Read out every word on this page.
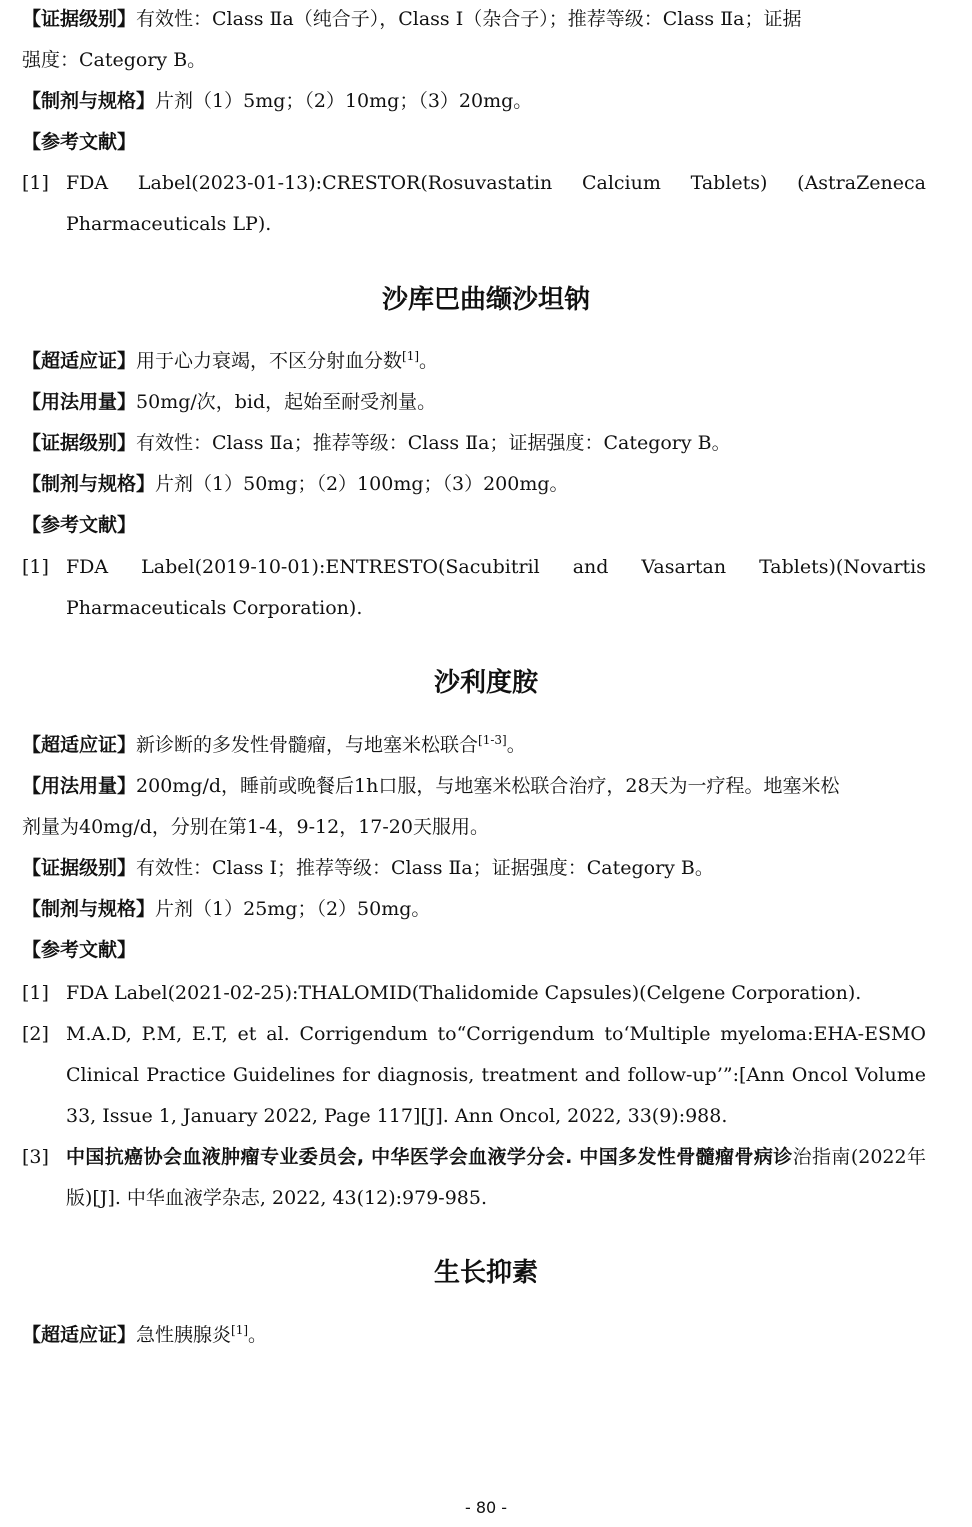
【证据级别】有效性：Class Ⅱa（纯合子），Class Ⅰ（杂合子）；推荐等级：Class Ⅱa；证据
强度：Category B。
【制剂与规格】片剂（1）5mg；（2）10mg；（3）20mg。
【参考文献】
[1] FDA Label(2023-01-13):CRESTOR(Rosuvastatin Calcium Tablets) (AstraZeneca Pharmaceuticals LP).
沙库巴曲缬沙坦钠
【超适应证】用于心力衰竭，不区分射血分数[1]。
【用法用量】50mg/次，bid，起始至耐受剂量。
【证据级别】有效性：Class Ⅱa；推荐等级：Class Ⅱa；证据强度：Category B。
【制剂与规格】片剂（1）50mg；（2）100mg；（3）200mg。
【参考文献】
[1] FDA Label(2019-10-01):ENTRESTO(Sacubitril and Vasartan Tablets)(Novartis Pharmaceuticals Corporation).
沙利度胺
【超适应证】新诊断的多发性骨髓瘤，与地塞米松联合[1-3]。
【用法用量】200mg/d，睡前或晚餐后1h口服，与地塞米松联合治疗，28天为一疗程。地塞米松
剂量为40mg/d，分别在第1-4，9-12，17-20天服用。
【证据级别】有效性：Class Ⅰ；推荐等级：Class Ⅱa；证据强度：Category B。
【制剂与规格】片剂（1）25mg；（2）50mg。
【参考文献】
[1] FDA Label(2021-02-25):THALOMID(Thalidomide Capsules)(Celgene Corporation).
[2] M.A.D, P.M, E.T, et al. Corrigendum to“Corrigendum to‘Multiple myeloma:EHA-ESMO Clinical Practice Guidelines for diagnosis, treatment and follow-up’”:[Ann Oncol Volume 33, Issue 1, January 2022, Page 117][J]. Ann Oncol, 2022, 33(9):988.
[3] 中国抗癌协会血液肿瘤专业委员会, 中华医学会血液学分会. 中国多发性骨髓瘤骨病诊治指南(2022年版)[J]. 中华血液学杂志, 2022, 43(12):979-985.
生长抑素
【超适应证】急性胰腺炎[1]。
- 80 -
